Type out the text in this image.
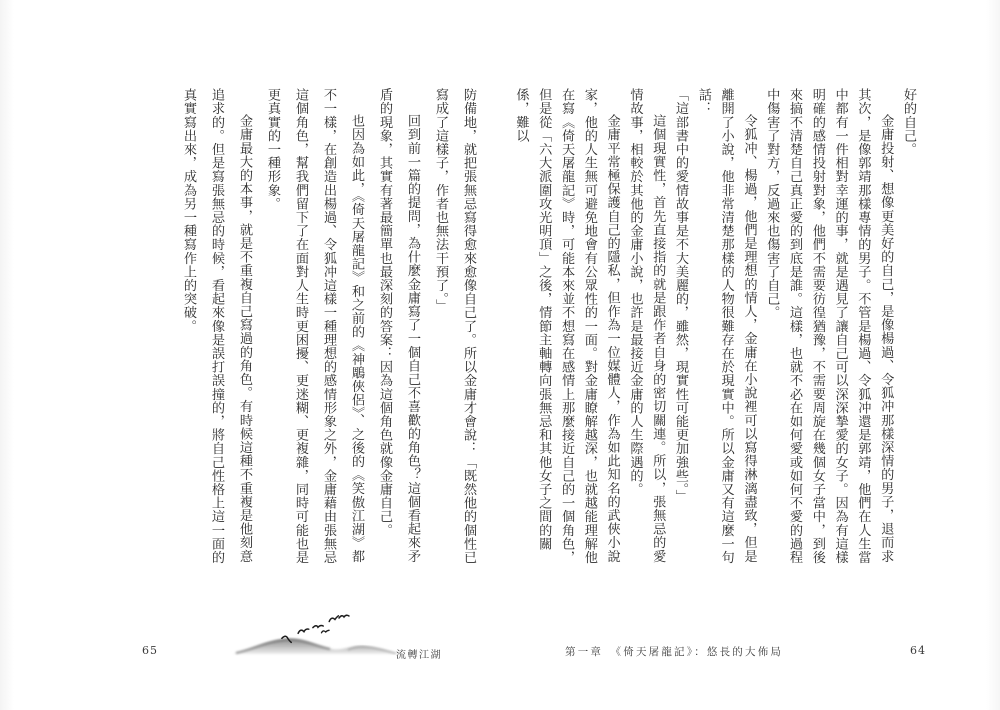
好的自己。
金庸投射、想像更美好的自己，是像楊過、令狐冲那樣深情的男子，退而求其次，是像郭靖那樣專情的男子。不管是楊過、令狐冲還是郭靖，他們在人生當中都有一件相對幸運的事，就是遇見了讓自己可以深深摯愛的女子。因為有這樣明確的感情投射對象，他們不需要彷徨猶豫，不需要周旋在幾個女子當中，到後來搞不清楚自己真正愛的到底是誰。這樣，也就不必在如何愛或如何不愛的過程中傷害了對方，反過來也傷害了自己。
令狐冲、楊過，他們是理想的情人，金庸在小說裡可以寫得淋漓盡致，但是離開了小說，他非常清楚那樣的人物很難存在於現實中。所以金庸又有這麼一句話：
「這部書中的愛情故事是不大美麗的，雖然，現實性可能更加強些。」
這個現實性，首先直接指的就是跟作者自身的密切關連。所以，張無忌的愛情故事，相較於其他的金庸小說，也許是最接近金庸的人生際遇的。
金庸平常極保護自己的隱私，但作為一位媒體人，作為如此知名的武俠小說家，他的人生無可避免地會有公眾性的一面。對金庸瞭解越深，也就越能理解他在寫《倚天屠龍記》時，可能本來並不想寫在感情上那麼接近自己的一個角色，但是從「六大派圍攻光明頂」之後，情節主軸轉向張無忌和其他女子之間的關係，難以
防備地，就把張無忌寫得愈來愈像自己了。所以金庸才會說：「既然他的個性已寫成了這樣子，作者也無法干預了。」
回到前一篇的提問，為什麼金庸寫了一個自己不喜歡的角色？這個看起來矛盾的現象，其實有著最簡單也最深刻的答案：因為這個角色就像金庸自己。
也因為如此，《倚天屠龍記》和之前的《神鵰俠侶》、之後的《笑傲江湖》都不一樣，在創造出楊過、令狐冲這樣一種理想的感情形象之外，金庸藉由張無忌這個角色，幫我們留下了在面對人生時更困擾、更迷糊、更複雜，同時可能也是更真實的一種形象。
金庸最大的本事，就是不重複自己寫過的角色。有時候這種不重複是他刻意追求的。但是寫張無忌的時候，看起來像是誤打誤撞的，將自己性格上這一面的真實寫出來，成為另一種寫作上的突破。
第一章　《倚天屠龍記》：悠長的大佈局	64
流轉江湖
65
